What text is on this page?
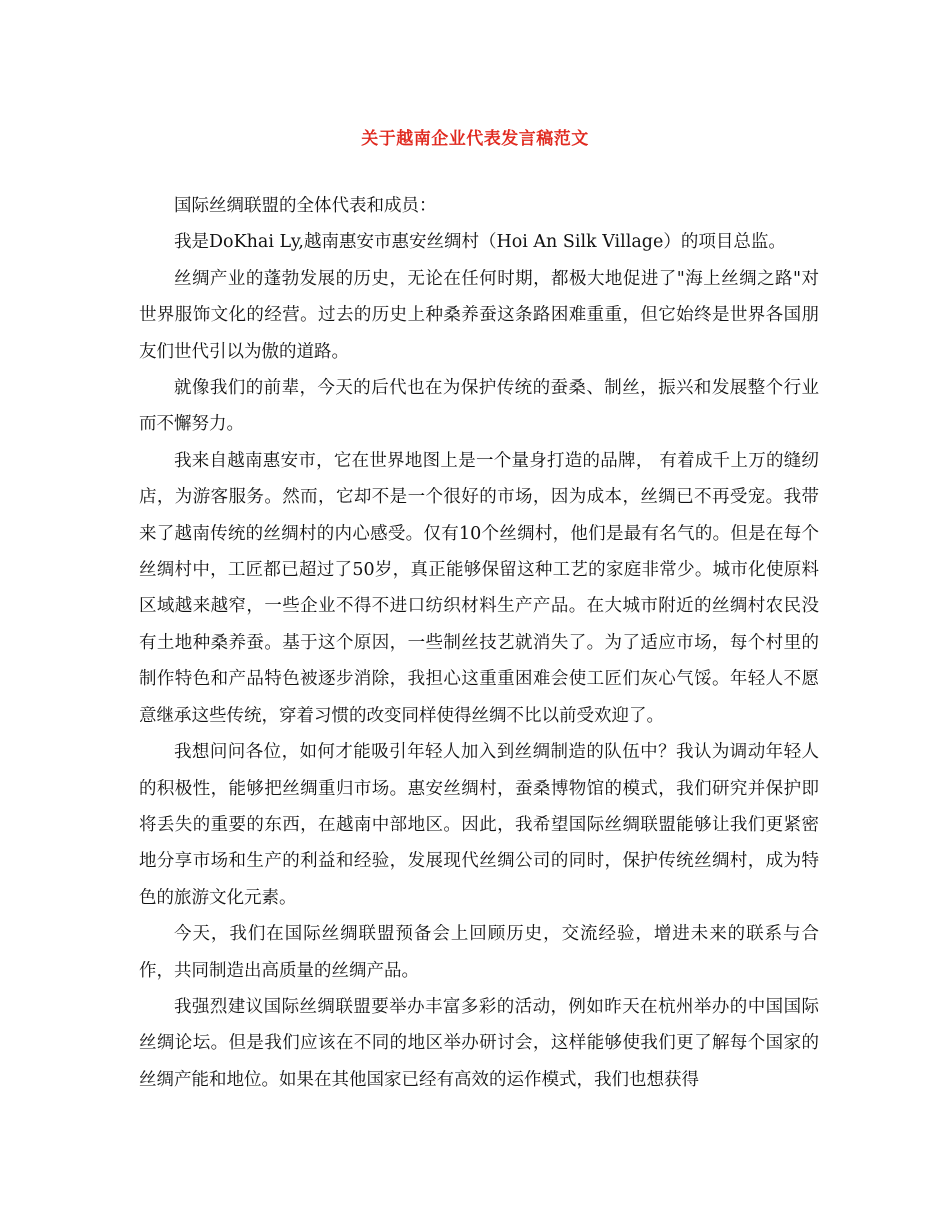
关于越南企业代表发言稿范文

国际丝绸联盟的全体代表和成员：

我是DoKhai Ly,越南惠安市惠安丝绸村（Hoi An Silk Village）的项目总监。

丝绸产业的蓬勃发展的历史，无论在任何时期，都极大地促进了"海上丝绸之路"对世界服饰文化的经营。过去的历史上种桑养蚕这条路困难重重，但它始终是世界各国朋友们世代引以为傲的道路。

就像我们的前辈，今天的后代也在为保护传统的蚕桑、制丝，振兴和发展整个行业而不懈努力。

我来自越南惠安市，它在世界地图上是一个量身打造的品牌， 有着成千上万的缝纫店，为游客服务。然而，它却不是一个很好的市场，因为成本，丝绸已不再受宠。我带来了越南传统的丝绸村的内心感受。仅有10个丝绸村，他们是最有名气的。但是在每个丝绸村中，工匠都已超过了50岁，真正能够保留这种工艺的家庭非常少。城市化使原料区域越来越窄，一些企业不得不进口纺织材料生产产品。在大城市附近的丝绸村农民没有土地种桑养蚕。基于这个原因，一些制丝技艺就消失了。为了适应市场，每个村里的制作特色和产品特色被逐步消除，我担心这重重困难会使工匠们灰心气馁。年轻人不愿意继承这些传统，穿着习惯的改变同样使得丝绸不比以前受欢迎了。

我想问问各位，如何才能吸引年轻人加入到丝绸制造的队伍中？我认为调动年轻人的积极性，能够把丝绸重归市场。惠安丝绸村，蚕桑博物馆的模式，我们研究并保护即将丢失的重要的东西，在越南中部地区。因此，我希望国际丝绸联盟能够让我们更紧密地分享市场和生产的利益和经验，发展现代丝绸公司的同时，保护传统丝绸村，成为特色的旅游文化元素。

今天，我们在国际丝绸联盟预备会上回顾历史，交流经验，增进未来的联系与合作，共同制造出高质量的丝绸产品。

我强烈建议国际丝绸联盟要举办丰富多彩的活动，例如昨天在杭州举办的中国国际丝绸论坛。但是我们应该在不同的地区举办研讨会，这样能够使我们更了解每个国家的丝绸产能和地位。如果在其他国家已经有高效的运作模式，我们也想获得
